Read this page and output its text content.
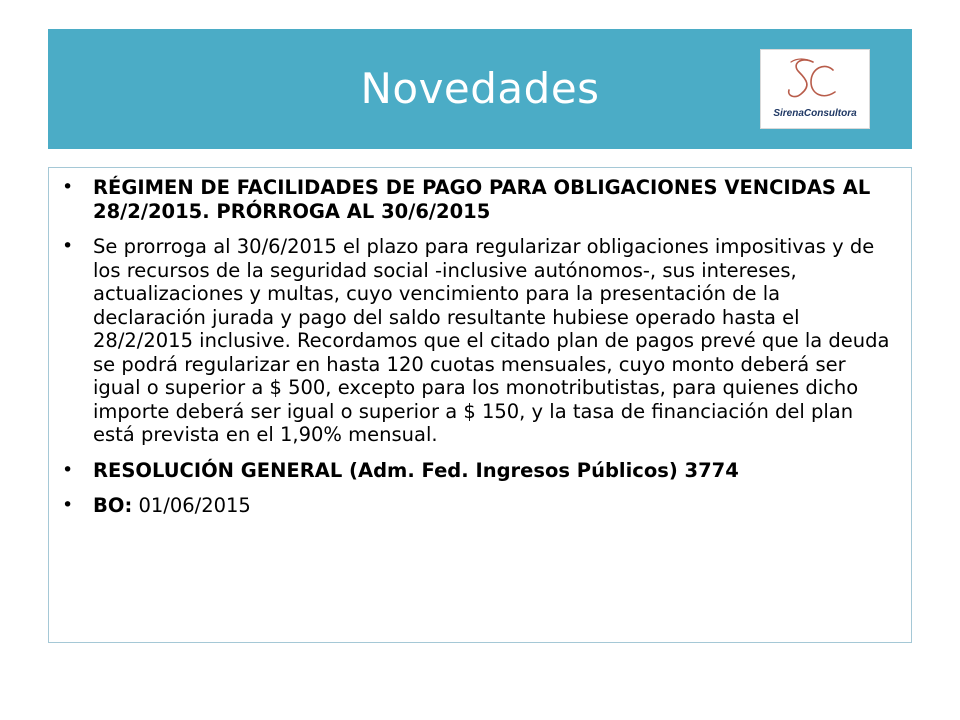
Novedades
SirenaConsultora
• RÉGIMEN DE FACILIDADES DE PAGO PARA OBLIGACIONES VENCIDAS AL 28/2/2015. PRÓRROGA AL 30/6/2015
• Se prorroga al 30/6/2015 el plazo para regularizar obligaciones impositivas y de los recursos de la seguridad social -inclusive autónomos-, sus intereses, actualizaciones y multas, cuyo vencimiento para la presentación de la declaración jurada y pago del saldo resultante hubiese operado hasta el 28/2/2015 inclusive. Recordamos que el citado plan de pagos prevé que la deuda se podrá regularizar en hasta 120 cuotas mensuales, cuyo monto deberá ser igual o superior a $ 500, excepto para los monotributistas, para quienes dicho importe deberá ser igual o superior a $ 150, y la tasa de financiación del plan está prevista en el 1,90% mensual.
• RESOLUCIÓN GENERAL (Adm. Fed. Ingresos Públicos) 3774
• BO: 01/06/2015
